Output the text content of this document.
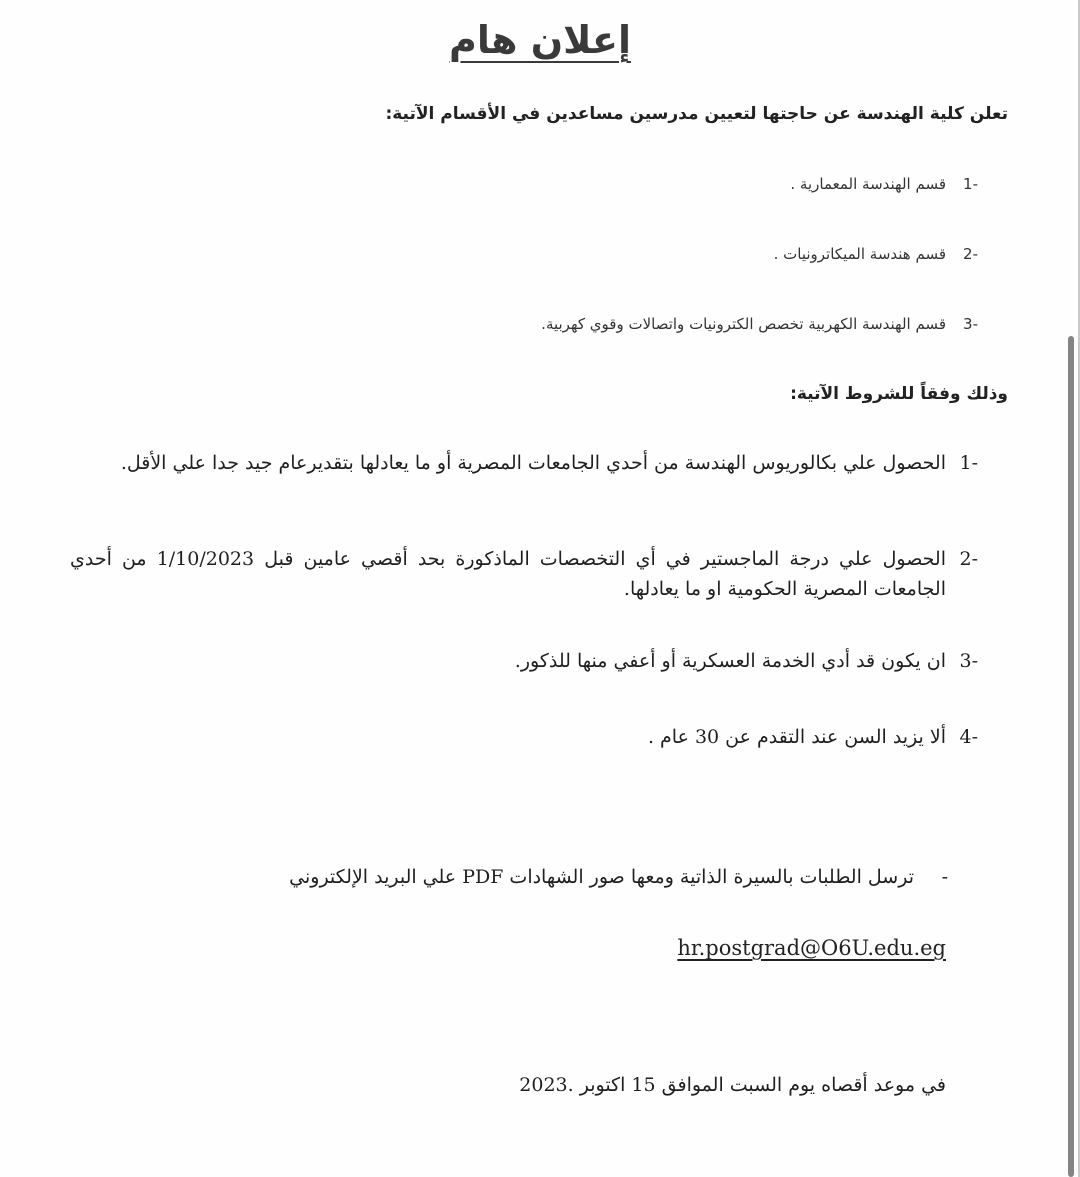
إعلان هام

تعلن كلية الهندسة عن حاجتها لتعيين مدرسين مساعدين في الأقسام الآتية:

-1
قسم الهندسة المعمارية .
-2
قسم هندسة الميكاترونيات .
-3
قسم الهندسة الكهربية تخصص الكترونيات واتصالات وقوي كهربية.

وذلك وفقاً للشروط الآتية:

-1
الحصول علي بكالوريوس الهندسة من أحدي الجامعات المصرية أو ما يعادلها بتقديرعام جيد جدا علي الأقل.
-2
الحصول علي درجة الماجستير في أي التخصصات الماذكورة بحد أقصي عامين قبل 1/10/2023 من أحدي الجامعات المصرية الحكومية او ما يعادلها.
-3
ان يكون قد أدي الخدمة العسكرية أو أعفي منها للذكور.
-4
ألا يزيد السن عند التقدم عن 30 عام .
-

ترسل الطلبات بالسيرة الذاتية ومعها صور الشهادات PDF علي البريد الإلكتروني

hr.postgrad@O6U.edu.eg

في موعد أقصاه يوم السبت الموافق 15 اكتوبر .2023
